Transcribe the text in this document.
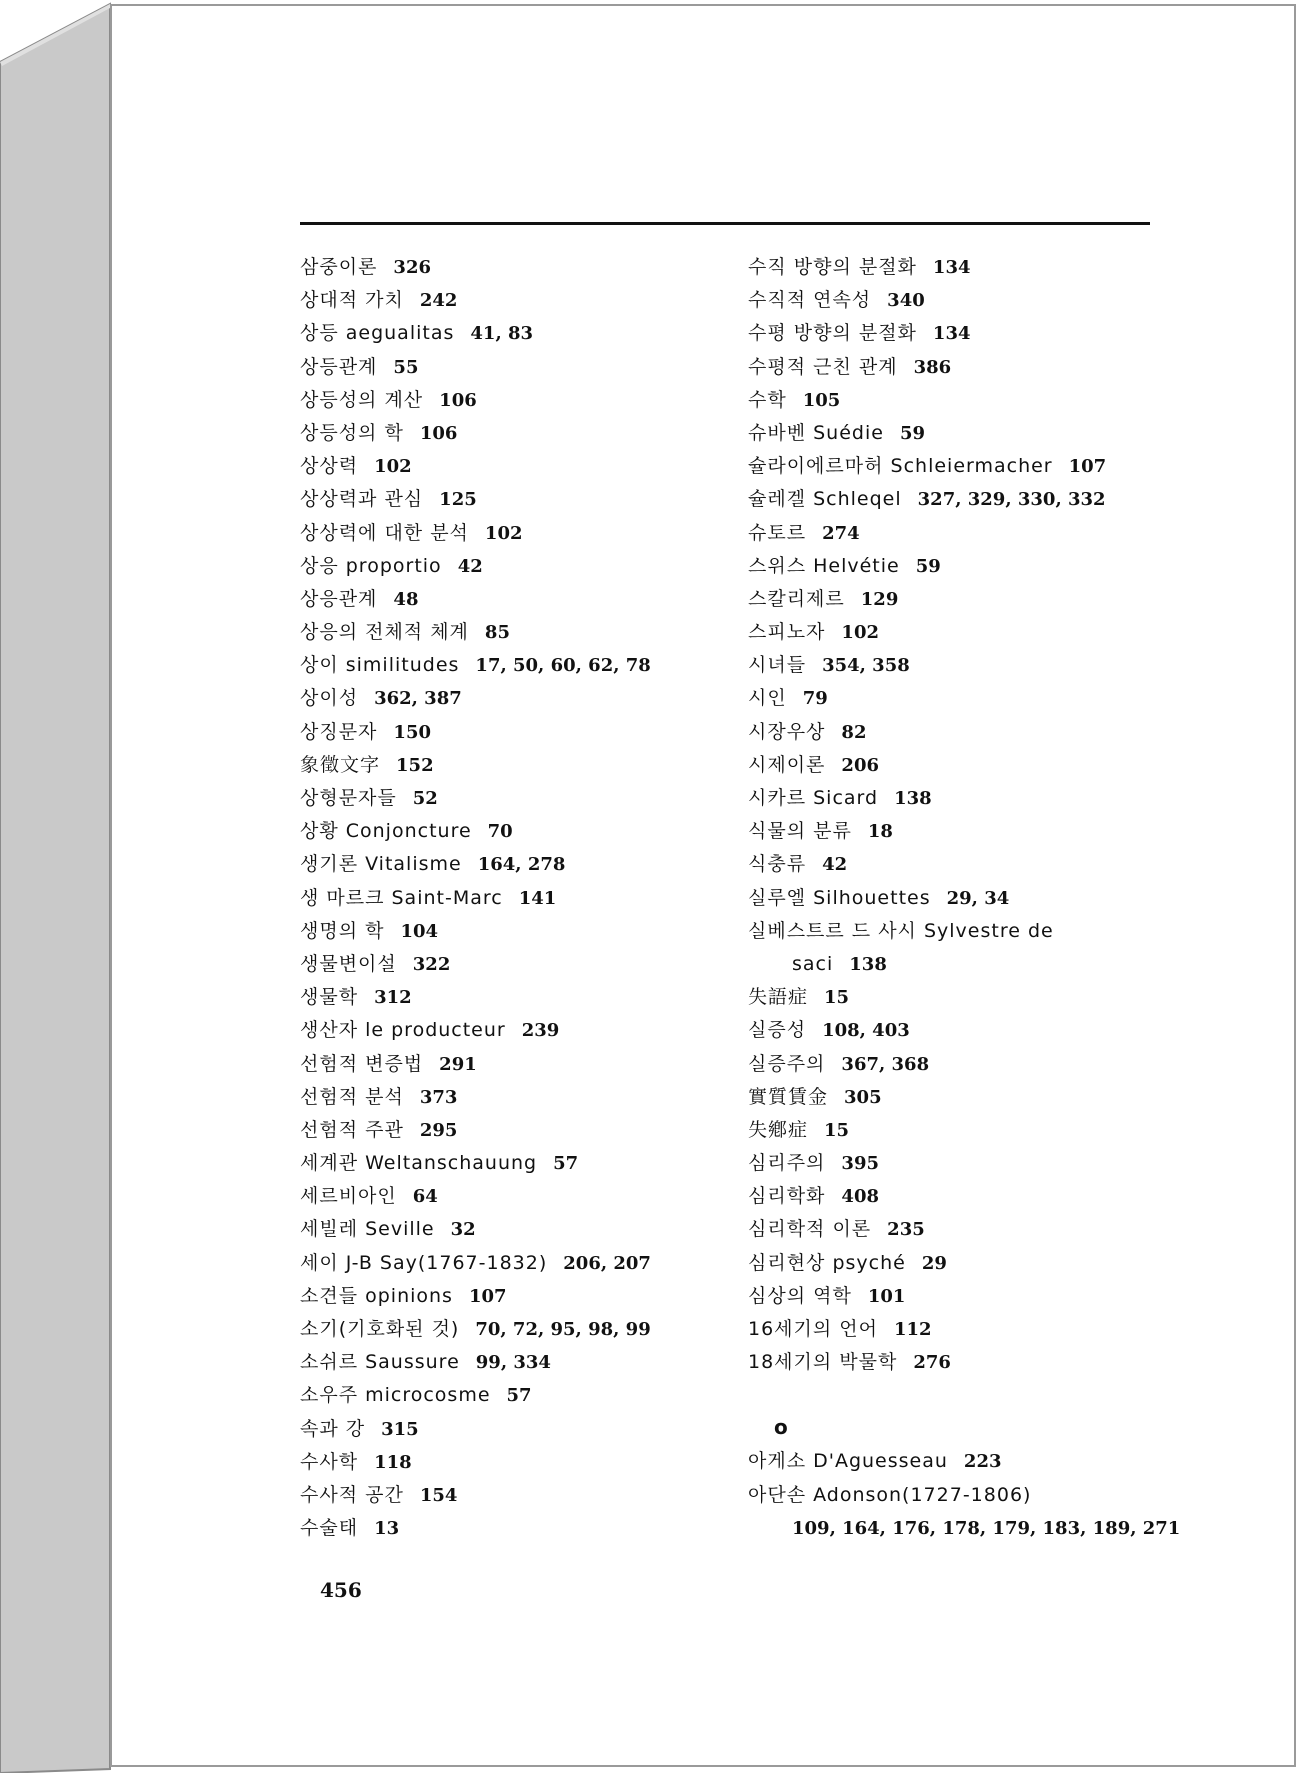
삼중이론 326
상대적 가치 242
상등 aegualitas 41, 83
상등관계 55
상등성의 계산 106
상등성의 학 106
상상력 102
상상력과 관심 125
상상력에 대한 분석 102
상응 proportio 42
상응관계 48
상응의 전체적 체계 85
상이 similitudes 17, 50, 60, 62, 78
상이성 362, 387
상징문자 150
象徵文字 152
상형문자들 52
상황 Conjoncture 70
생기론 Vitalisme 164, 278
생 마르크 Saint-Marc 141
생명의 학 104
생물변이설 322
생물학 312
생산자 le producteur 239
선험적 변증법 291
선험적 분석 373
선험적 주관 295
세계관 Weltanschauung 57
세르비아인 64
세빌레 Seville 32
세이 J-B Say(1767-1832) 206, 207
소견들 opinions 107
소기(기호화된 것) 70, 72, 95, 98, 99
소쉬르 Saussure 99, 334
소우주 microcosme 57
속과 강 315
수사학 118
수사적 공간 154
수술태 13
수직 방향의 분절화 134
수직적 연속성 340
수평 방향의 분절화 134
수평적 근친 관계 386
수학 105
슈바벤 Suédie 59
슐라이에르마허 Schleiermacher 107
슐레겔 Schleqel 327, 329, 330, 332
슈토르 274
스위스 Helvétie 59
스칼리제르 129
스피노자 102
시녀들 354, 358
시인 79
시장우상 82
시제이론 206
시카르 Sicard 138
식물의 분류 18
식충류 42
실루엘 Silhouettes 29, 34
실베스트르 드 사시 Sylvestre de
saci 138
失語症 15
실증성 108, 403
실증주의 367, 368
實質賃金 305
失鄕症 15
심리주의 395
심리학화 408
심리학적 이론 235
심리현상 psyché 29
심상의 역학 101
16세기의 언어 112
18세기의 박물학 276
o
아게소 D'Aguesseau 223
아단손 Adonson(1727-1806)
109, 164, 176, 178, 179, 183, 189, 271
456
